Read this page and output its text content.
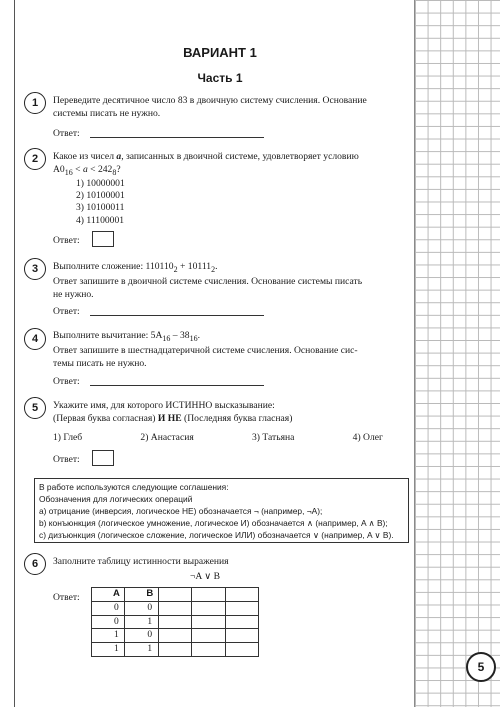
5
ВАРИАНТ 1
Часть 1
1	Переведите десятичное число 83 в двоичную систему счисления. Основание
системы писать не нужно.
Ответ:
2	Какое из чисел a, записанных в двоичной системе, удовлетворяет условию
$A0_{16} < a < 242_8$?
1) 10000001
2) 10100001
3) 10100011
4) 11100001
Ответ:
3	Выполните сложение: $110110_2 + 10111_2$.
Ответ запишите в двоичной системе счисления. Основание системы писать
не нужно.
Ответ:
4	Выполните вычитание: $5A_{16} - 38_{16}$.
Ответ запишите в шестнадцатеричной системе счисления. Основание сис-
темы писать не нужно.
Ответ:
5	Укажите имя, для которого ИСТИННО высказывание:
(Первая буква согласная) И НЕ (Последняя буква гласная)
1) Глеб	2) Анастасия	3) Татьяна	4) Олег
Ответ:
В работе используются следующие соглашения:
Обозначения для логических операций
а) отрицание (инверсия, логическое НЕ) обозначается ¬ (например, ¬A);
b) конъюнкция (логическое умножение, логическое И) обозначается ∧ (например, A ∧ B);
c) дизъюнкция (логическое сложение, логическое ИЛИ) обозначается ∨ (например, A ∨ B).
6	Заполните таблицу истинности выражения
¬A ∨ B
Ответ:	A	B			
0	0			
0	1			
1	0			
1	1			
